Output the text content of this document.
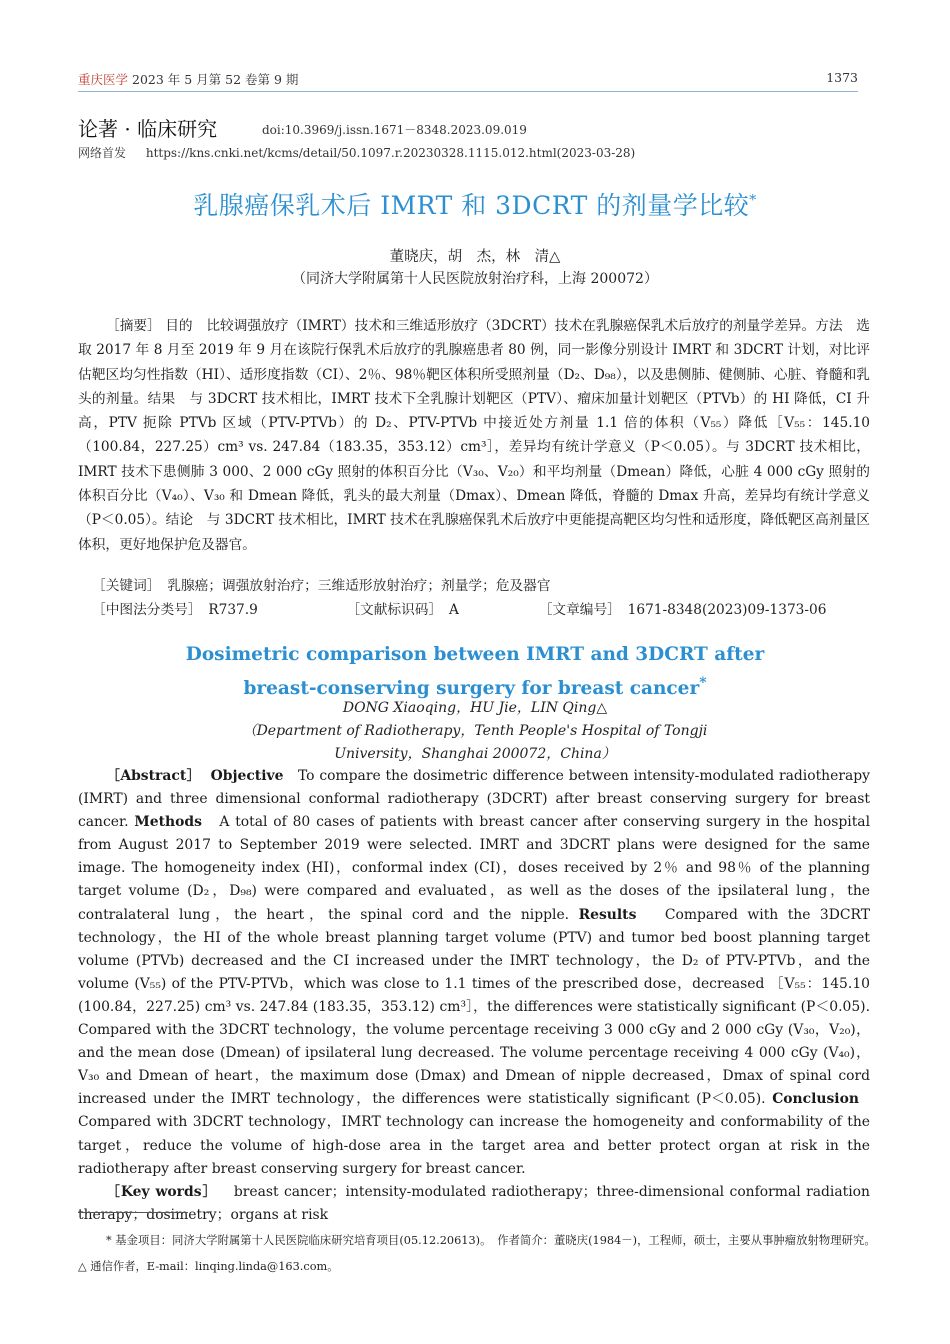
重庆医学 2023 年 5 月第 52 卷第 9 期	1373
论著 · 临床研究	doi:10.3969/j.issn.1671－8348.2023.09.019
网络首发 https://kns.cnki.net/kcms/detail/50.1097.r.20230328.1115.012.html(2023-03-28)
乳腺癌保乳术后 IMRT 和 3DCRT 的剂量学比较*
董晓庆，胡　杰，林　清△
（同济大学附属第十人民医院放射治疗科，上海 200072）

［摘要］ 目的　比较调强放疗（IMRT）技术和三维适形放疗（3DCRT）技术在乳腺癌保乳术后放疗的剂量学差异。方法　选取 2017 年 8 月至 2019 年 9 月在该院行保乳术后放疗的乳腺癌患者 80 例，同一影像分别设计 IMRT 和 3DCRT 计划，对比评估靶区均匀性指数（HI）、适形度指数（CI）、2％、98％靶区体积所受照剂量（D₂、D₉₈），以及患侧肺、健侧肺、心脏、脊髓和乳头的剂量。结果　与 3DCRT 技术相比，IMRT 技术下全乳腺计划靶区（PTV）、瘤床加量计划靶区（PTVb）的 HI 降低，CI 升高，PTV 扼除 PTVb 区域（PTV-PTVb）的 D₂、PTV-PTVb 中接近处方剂量 1.1 倍的体积（V₅₅）降低［V₅₅：145.10（100.84，227.25）cm³ vs. 247.84（183.35，353.12）cm³］，差异均有统计学意义（P＜0.05）。与 3DCRT 技术相比，IMRT 技术下患侧肺 3 000、2 000 cGy 照射的体积百分比（V₃₀、V₂₀）和平均剂量（Dmean）降低，心脏 4 000 cGy 照射的体积百分比（V₄₀）、V₃₀ 和 Dmean 降低，乳头的最大剂量（Dmax）、Dmean 降低，脊髓的 Dmax 升高，差异均有统计学意义（P＜0.05）。结论　与 3DCRT 技术相比，IMRT 技术在乳腺癌保乳术后放疗中更能提高靶区均匀性和适形度，降低靶区高剂量区体积，更好地保护危及器官。

［关键词］　乳腺癌；调强放射治疗；三维适形放射治疗；剂量学；危及器官
［中图法分类号］　R737.9	［文献标识码］　A	［文章编号］　1671-8348(2023)09-1373-06
Dosimetric comparison between IMRT and 3DCRT after
breast-conserving surgery for breast cancer*
DONG Xiaoqing，HU Jie，LIN Qing△
（Department of Radiotherapy，Tenth People's Hospital of Tongji
University，Shanghai 200072，China）

［Abstract］ Objective To compare the dosimetric difference between intensity-modulated radiotherapy (IMRT) and three dimensional conformal radiotherapy (3DCRT) after breast conserving surgery for breast cancer. Methods A total of 80 cases of patients with breast cancer after conserving surgery in the hospital from August 2017 to September 2019 were selected. IMRT and 3DCRT plans were designed for the same image. The homogeneity index (HI)，conformal index (CI)，doses received by 2％ and 98％ of the planning target volume (D₂，D₉₈) were compared and evaluated，as well as the doses of the ipsilateral lung，the contralateral lung，the heart，the spinal cord and the nipple. Results Compared with the 3DCRT technology，the HI of the whole breast planning target volume (PTV) and tumor bed boost planning target volume (PTVb) decreased and the CI increased under the IMRT technology，the D₂ of PTV-PTVb，and the volume (V₅₅) of the PTV-PTVb，which was close to 1.1 times of the prescribed dose，decreased ［V₅₅：145.10 (100.84，227.25) cm³ vs. 247.84 (183.35，353.12) cm³］，the differences were statistically significant (P＜0.05). Compared with the 3DCRT technology，the volume percentage receiving 3 000 cGy and 2 000 cGy (V₃₀，V₂₀)，and the mean dose (Dmean) of ipsilateral lung decreased. The volume percentage receiving 4 000 cGy (V₄₀)，V₃₀ and Dmean of heart，the maximum dose (Dmax) and Dmean of nipple decreased，Dmax of spinal cord increased under the IMRT technology，the differences were statistically significant (P＜0.05). Conclusion   Compared with 3DCRT technology，IMRT technology can increase the homogeneity and conformability of the target，reduce the volume of high-dose area in the target area and better protect organ at risk in the radiotherapy after breast conserving surgery for breast cancer.

［Key words］ breast cancer；intensity-modulated radiotherapy；three-dimensional conformal radiation therapy；dosimetry；organs at risk

* 基金项目：同济大学附属第十人民医院临床研究培育项目(05.12.20613)。　作者简介：董晓庆(1984－)，工程师，硕士，主要从事肿瘤放射物理研究。　△ 通信作者，E-mail：linqing.linda@163.com。
